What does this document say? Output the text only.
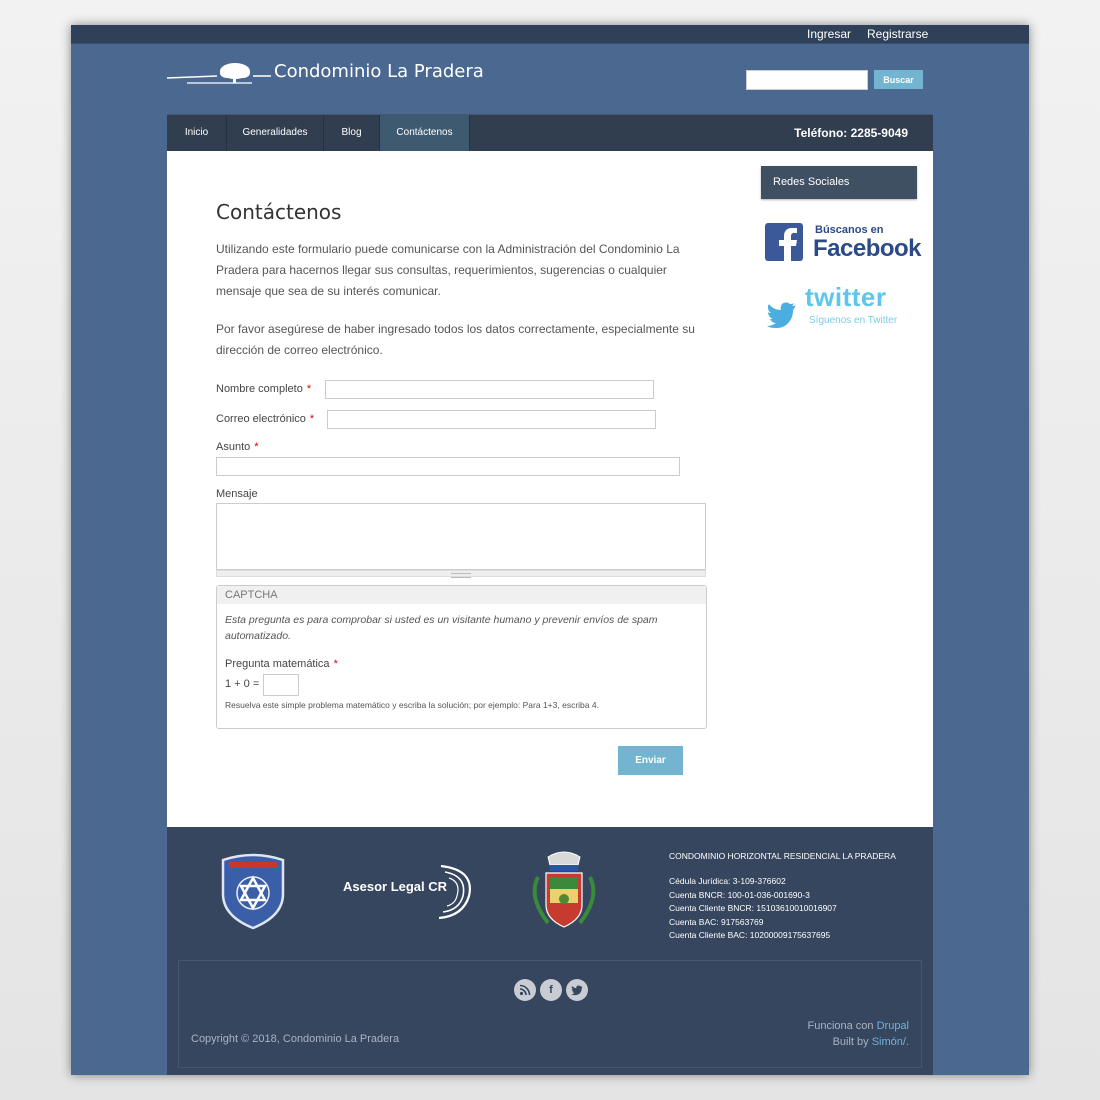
Ingresar Registrarse
Condominio La Pradera	Buscar
Inicio	Generalidades	Blog	Contáctenos	Teléfono: 2285-9049
Contáctenos

Utilizando este formulario puede comunicarse con la Administración del Condominio La Pradera para hacernos llegar sus consultas, requerimientos, sugerencias o cualquier mensaje que sea de su interés comunicar.

Por favor asegúrese de haber ingresado todos los datos correctamente, especialmente su dirección de correo electrónico.

Nombre completo *
Correo electrónico *
Asunto *
Mensaje
CAPTCHA

Esta pregunta es para comprobar si usted es un visitante humano y prevenir envíos de spam automatizado.

Pregunta matemática *
1 + 0 =
Resuelva este simple problema matemático y escriba la solución; por ejemplo: Para 1+3, escriba 4.
Enviar
Redes Sociales
Búscanos en
Facebook
twitter
Síguenos en Twitter
Asesor Legal CR
CONDOMINIO HORIZONTAL RESIDENCIAL LA PRADERA
Cédula Jurídica: 3-109-376602
Cuenta BNCR: 100-01-036-001690-3
Cuenta Cliente BNCR: 15103610010016907
Cuenta BAC: 917563769
Cuenta Cliente BAC: 10200009175637695
f
Copyright © 2018, Condominio La Pradera
Funciona con Drupal
Built by Simón/.
